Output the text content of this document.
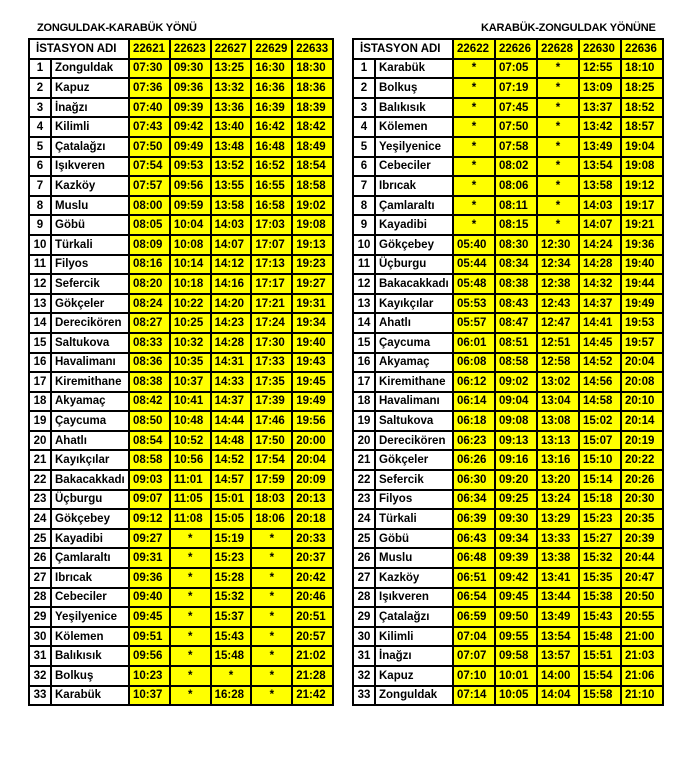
ZONGULDAK-KARABÜK YÖNÜ	KARABÜK-ZONGULDAK YÖNÜNE
İSTASYON ADI		22621	22623	22627	22629	22633
1	Zonguldak	07:30	09:30	13:25	16:30	18:30
2	Kapuz	07:36	09:36	13:32	16:36	18:36
3	İnağzı	07:40	09:39	13:36	16:39	18:39
4	Kilimli	07:43	09:42	13:40	16:42	18:42
5	Çatalağzı	07:50	09:49	13:48	16:48	18:49
6	Işıkveren	07:54	09:53	13:52	16:52	18:54
7	Kazköy	07:57	09:56	13:55	16:55	18:58
8	Muslu	08:00	09:59	13:58	16:58	19:02
9	Göbü	08:05	10:04	14:03	17:03	19:08
10	Türkali	08:09	10:08	14:07	17:07	19:13
11	Filyos	08:16	10:14	14:12	17:13	19:23
12	Sefercik	08:20	10:18	14:16	17:17	19:27
13	Gökçeler	08:24	10:22	14:20	17:21	19:31
14	Derecikören	08:27	10:25	14:23	17:24	19:34
15	Saltukova	08:33	10:32	14:28	17:30	19:40
16	Havalimanı	08:36	10:35	14:31	17:33	19:43
17	Kiremithane	08:38	10:37	14:33	17:35	19:45
18	Akyamaç	08:42	10:41	14:37	17:39	19:49
19	Çaycuma	08:50	10:48	14:44	17:46	19:56
20	Ahatlı	08:54	10:52	14:48	17:50	20:00
21	Kayıkçılar	08:58	10:56	14:52	17:54	20:04
22	Bakacakkadı	09:03	11:01	14:57	17:59	20:09
23	Üçburgu	09:07	11:05	15:01	18:03	20:13
24	Gökçebey	09:12	11:08	15:05	18:06	20:18
25	Kayadibi	09:27	*	15:19	*	20:33
26	Çamlaraltı	09:31	*	15:23	*	20:37
27	Ibrıcak	09:36	*	15:28	*	20:42
28	Cebeciler	09:40	*	15:32	*	20:46
29	Yeşilyenice	09:45	*	15:37	*	20:51
30	Kölemen	09:51	*	15:43	*	20:57
31	Balıkısık	09:56	*	15:48	*	21:02
32	Bolkuş	10:23	*	*	*	21:28
33	Karabük	10:37	*	16:28	*	21:42
İSTASYON ADI		22622	22626	22628	22630	22636
1	Karabük	*	07:05	*	12:55	18:10
2	Bolkuş	*	07:19	*	13:09	18:25
3	Balıkısık	*	07:45	*	13:37	18:52
4	Kölemen	*	07:50	*	13:42	18:57
5	Yeşilyenice	*	07:58	*	13:49	19:04
6	Cebeciler	*	08:02	*	13:54	19:08
7	Ibrıcak	*	08:06	*	13:58	19:12
8	Çamlaraltı	*	08:11	*	14:03	19:17
9	Kayadibi	*	08:15	*	14:07	19:21
10	Gökçebey	05:40	08:30	12:30	14:24	19:36
11	Üçburgu	05:44	08:34	12:34	14:28	19:40
12	Bakacakkadı	05:48	08:38	12:38	14:32	19:44
13	Kayıkçılar	05:53	08:43	12:43	14:37	19:49
14	Ahatlı	05:57	08:47	12:47	14:41	19:53
15	Çaycuma	06:01	08:51	12:51	14:45	19:57
16	Akyamaç	06:08	08:58	12:58	14:52	20:04
17	Kiremithane	06:12	09:02	13:02	14:56	20:08
18	Havalimanı	06:14	09:04	13:04	14:58	20:10
19	Saltukova	06:18	09:08	13:08	15:02	20:14
20	Derecikören	06:23	09:13	13:13	15:07	20:19
21	Gökçeler	06:26	09:16	13:16	15:10	20:22
22	Sefercik	06:30	09:20	13:20	15:14	20:26
23	Filyos	06:34	09:25	13:24	15:18	20:30
24	Türkali	06:39	09:30	13:29	15:23	20:35
25	Göbü	06:43	09:34	13:33	15:27	20:39
26	Muslu	06:48	09:39	13:38	15:32	20:44
27	Kazköy	06:51	09:42	13:41	15:35	20:47
28	Işıkveren	06:54	09:45	13:44	15:38	20:50
29	Çatalağzı	06:59	09:50	13:49	15:43	20:55
30	Kilimli	07:04	09:55	13:54	15:48	21:00
31	İnağzı	07:07	09:58	13:57	15:51	21:03
32	Kapuz	07:10	10:01	14:00	15:54	21:06
33	Zonguldak	07:14	10:05	14:04	15:58	21:10
